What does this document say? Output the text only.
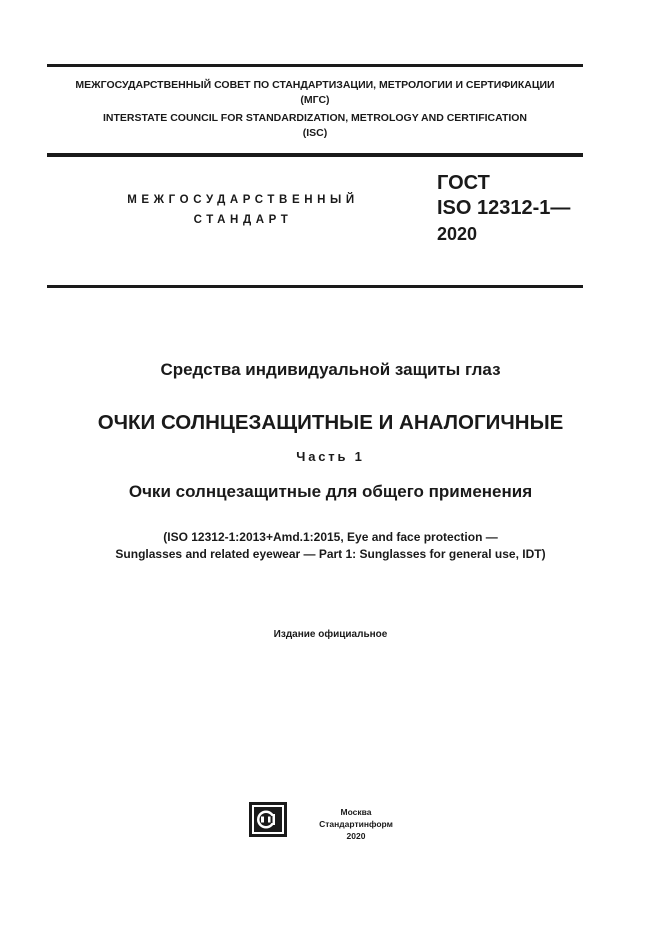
МЕЖГОСУДАРСТВЕННЫЙ СОВЕТ ПО СТАНДАРТИЗАЦИИ, МЕТРОЛОГИИ И СЕРТИФИКАЦИИ
(МГС)
INTERSTATE COUNCIL FOR STANDARDIZATION, METROLOGY AND CERTIFICATION
(ISC)
МЕЖГОСУДАРСТВЕННЫЙ
СТАНДАРТ
ГОСТ
ISO 12312-1—
2020
Средства индивидуальной защиты глаз
ОЧКИ СОЛНЦЕЗАЩИТНЫЕ И АНАЛОГИЧНЫЕ
Часть 1
Очки солнцезащитные для общего применения
(ISO 12312-1:2013+Amd.1:2015, Eye and face protection —
Sunglasses and related eyewear — Part 1: Sunglasses for general use, IDT)
Издание официальное
Москва
Стандартинформ
2020
